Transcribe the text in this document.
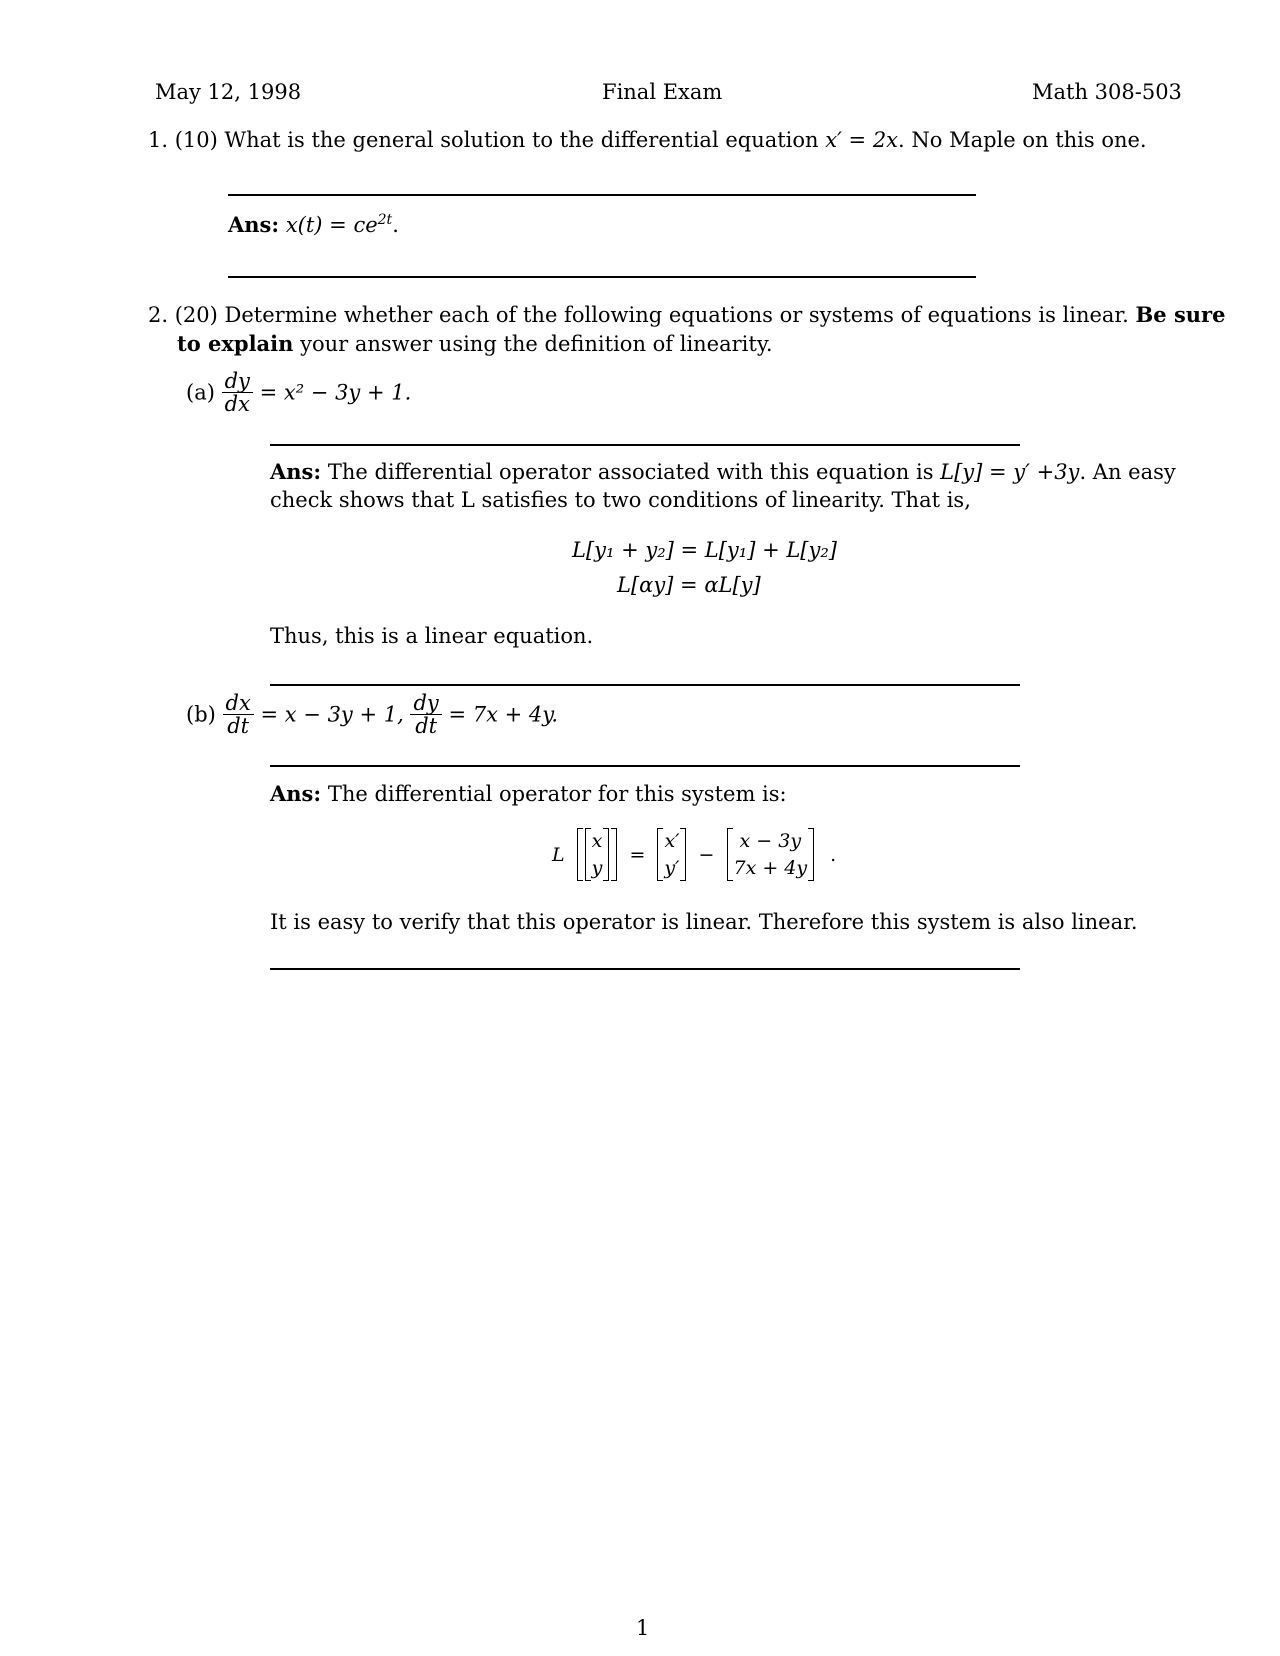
May 12, 1998	Final Exam	Math 308-503
1. (10) What is the general solution to the differential equation x′ = 2x. No Maple on this one.
Ans: $x(t) = ce^{2t}$.
2. (20) Determine whether each of the following equations or systems of equations is linear. Be sure
to explain your answer using the definition of linearity.
$(a) \frac{dy}{dx} = x^2 - 3y + 1$.
Ans: The differential operator associated with this equation is L[y] = y′ +3y. An easy
check shows that L satisfies to two conditions of linearity. That is,
L[y₁ + y₂] = L[y₁] + L[y₂]
L[αy] = αL[y]
Thus, this is a linear equation.
$(b) \frac{dx}{dt} = x - 3y + 1$, $\frac{dy}{dt} = 7x + 4y$.
Ans: The differential operator for this system is:
L
x
y
=
x′
y′
−
x − 3y
7x + 4y
.
It is easy to verify that this operator is linear. Therefore this system is also linear.
1
